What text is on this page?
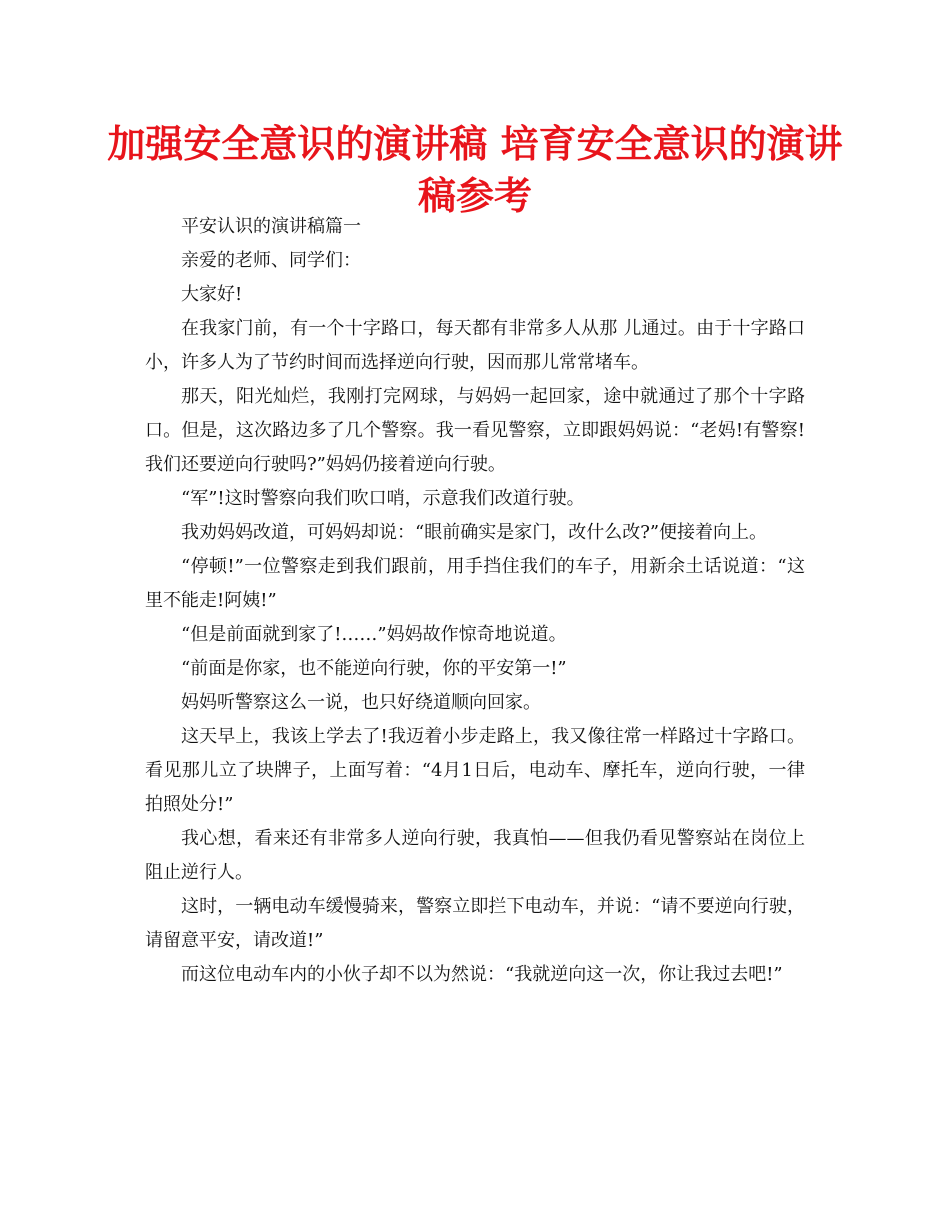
加强安全意识的演讲稿 培育安全意识的演讲稿参考

平安认识的演讲稿篇一

亲爱的老师、同学们：

大家好!

在我家门前，有一个十字路口，每天都有非常多人从那 儿通过。由于十字路口小，许多人为了节约时间而选择逆向行驶，因而那儿常常堵车。

那天，阳光灿烂，我刚打完网球，与妈妈一起回家，途中就通过了那个十字路口。但是，这次路边多了几个警察。我一看见警察，立即跟妈妈说：“老妈!有警察!我们还要逆向行驶吗?”妈妈仍接着逆向行驶。

“军”!这时警察向我们吹口哨，示意我们改道行驶。

我劝妈妈改道，可妈妈却说：“眼前确实是家门，改什么改?”便接着向上。

“停顿!”一位警察走到我们跟前，用手挡住我们的车子，用新余土话说道：“这里不能走!阿姨!”

“但是前面就到家了!……”妈妈故作惊奇地说道。

“前面是你家，也不能逆向行驶，你的平安第一!”

妈妈听警察这么一说，也只好绕道顺向回家。

这天早上，我该上学去了!我迈着小步走路上，我又像往常一样路过十字路口。看见那儿立了块牌子，上面写着：“4月1日后，电动车、摩托车，逆向行驶，一律拍照处分!”

我心想，看来还有非常多人逆向行驶，我真怕——但我仍看见警察站在岗位上阻止逆行人。

这时，一辆电动车缓慢骑来，警察立即拦下电动车，并说：“请不要逆向行驶，请留意平安，请改道!”

而这位电动车内的小伙子却不以为然说：“我就逆向这一次，你让我过去吧!”
